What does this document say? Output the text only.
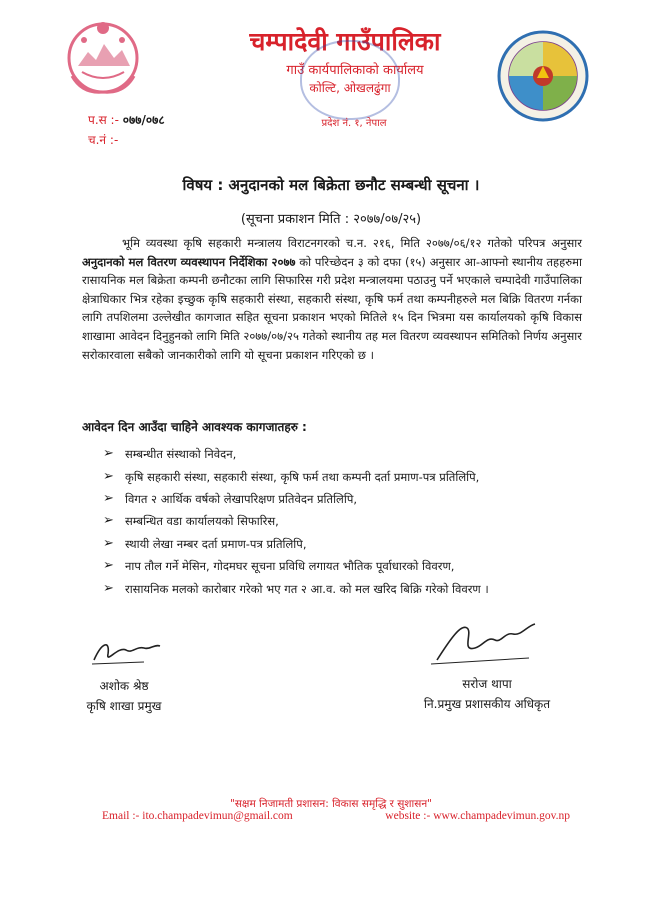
चम्पादेवी गाउँपालिका
गाउँ कार्यपालिकाको कार्यालय
कोल्टि, ओखलढुंगा
प्रदेश नं. १, नेपाल
प.स :- ०७७/०७८
च.नं :-
विषय : अनुदानको मल बिक्रेता छनौट सम्बन्धी सूचना ।
(सूचना प्रकाशन मिति : २०७७/०७/२५)

भूमि व्यवस्था कृषि सहकारी मन्त्रालय विराटनगरको च.न. २१६, मिति २०७७/०६/१२ गतेको परिपत्र अनुसार अनुदानको मल वितरण व्यवस्थापन निर्देशिका २०७७ को परिच्छेदन ३ को दफा (१५) अनुसार आ-आफ्नो स्थानीय तहहरुमा रासायनिक मल बिक्रेता कम्पनी छनौटका लागि सिफारिस गरी प्रदेश मन्त्रालयमा पठाउनु पर्ने भएकाले चम्पादेवी गाउँपालिका क्षेत्राधिकार भित्र रहेका इच्छुक कृषि सहकारी संस्था, सहकारी संस्था, कृषि फर्म तथा कम्पनीहरुले मल बिक्रि वितरण गर्नका लागि तपशिलमा उल्लेखीत कागजात सहित सूचना प्रकाशन भएको मितिले १५ दिन भित्रमा यस कार्यालयको कृषि विकास शाखामा आवेदन दिनुहुनको लागि मिति २०७७/०७/२५ गतेको स्थानीय तह मल वितरण व्यवस्थापन समितिको निर्णय अनुसार सरोकारवाला सबैको जानकारीको लागि यो सूचना प्रकाशन गरिएको छ ।

आवेदन दिन आउँदा चाहिने आवश्यक कागजातहरु :
➢ सम्बन्धीत संस्थाको निवेदन,
➢ कृषि सहकारी संस्था, सहकारी संस्था, कृषि फर्म तथा कम्पनी दर्ता प्रमाण-पत्र प्रतिलिपि,
➢ विगत २ आर्थिक वर्षको लेखापरिक्षण प्रतिवेदन प्रतिलिपि,
➢ सम्बन्धित वडा कार्यालयको सिफारिस,
➢ स्थायी लेखा नम्बर दर्ता प्रमाण-पत्र प्रतिलिपि,
➢ नाप तौल गर्ने मेसिन, गोदमघर सूचना प्रविधि लगायत भौतिक पूर्वाधारको विवरण,
➢ रासायनिक मलको कारोबार गरेको भए गत २ आ.व. को मल खरिद बिक्रि गरेको विवरण ।
अशोक श्रेष्ठ
कृषि शाखा प्रमुख
सरोज थापा
नि.प्रमुख प्रशासकीय अधिकृत
"सक्षम निजामती प्रशासन: विकास समृद्धि र सुशासन"
Email :- ito.champadevimun@gmail.com	website :- www.champadevimun.gov.np
